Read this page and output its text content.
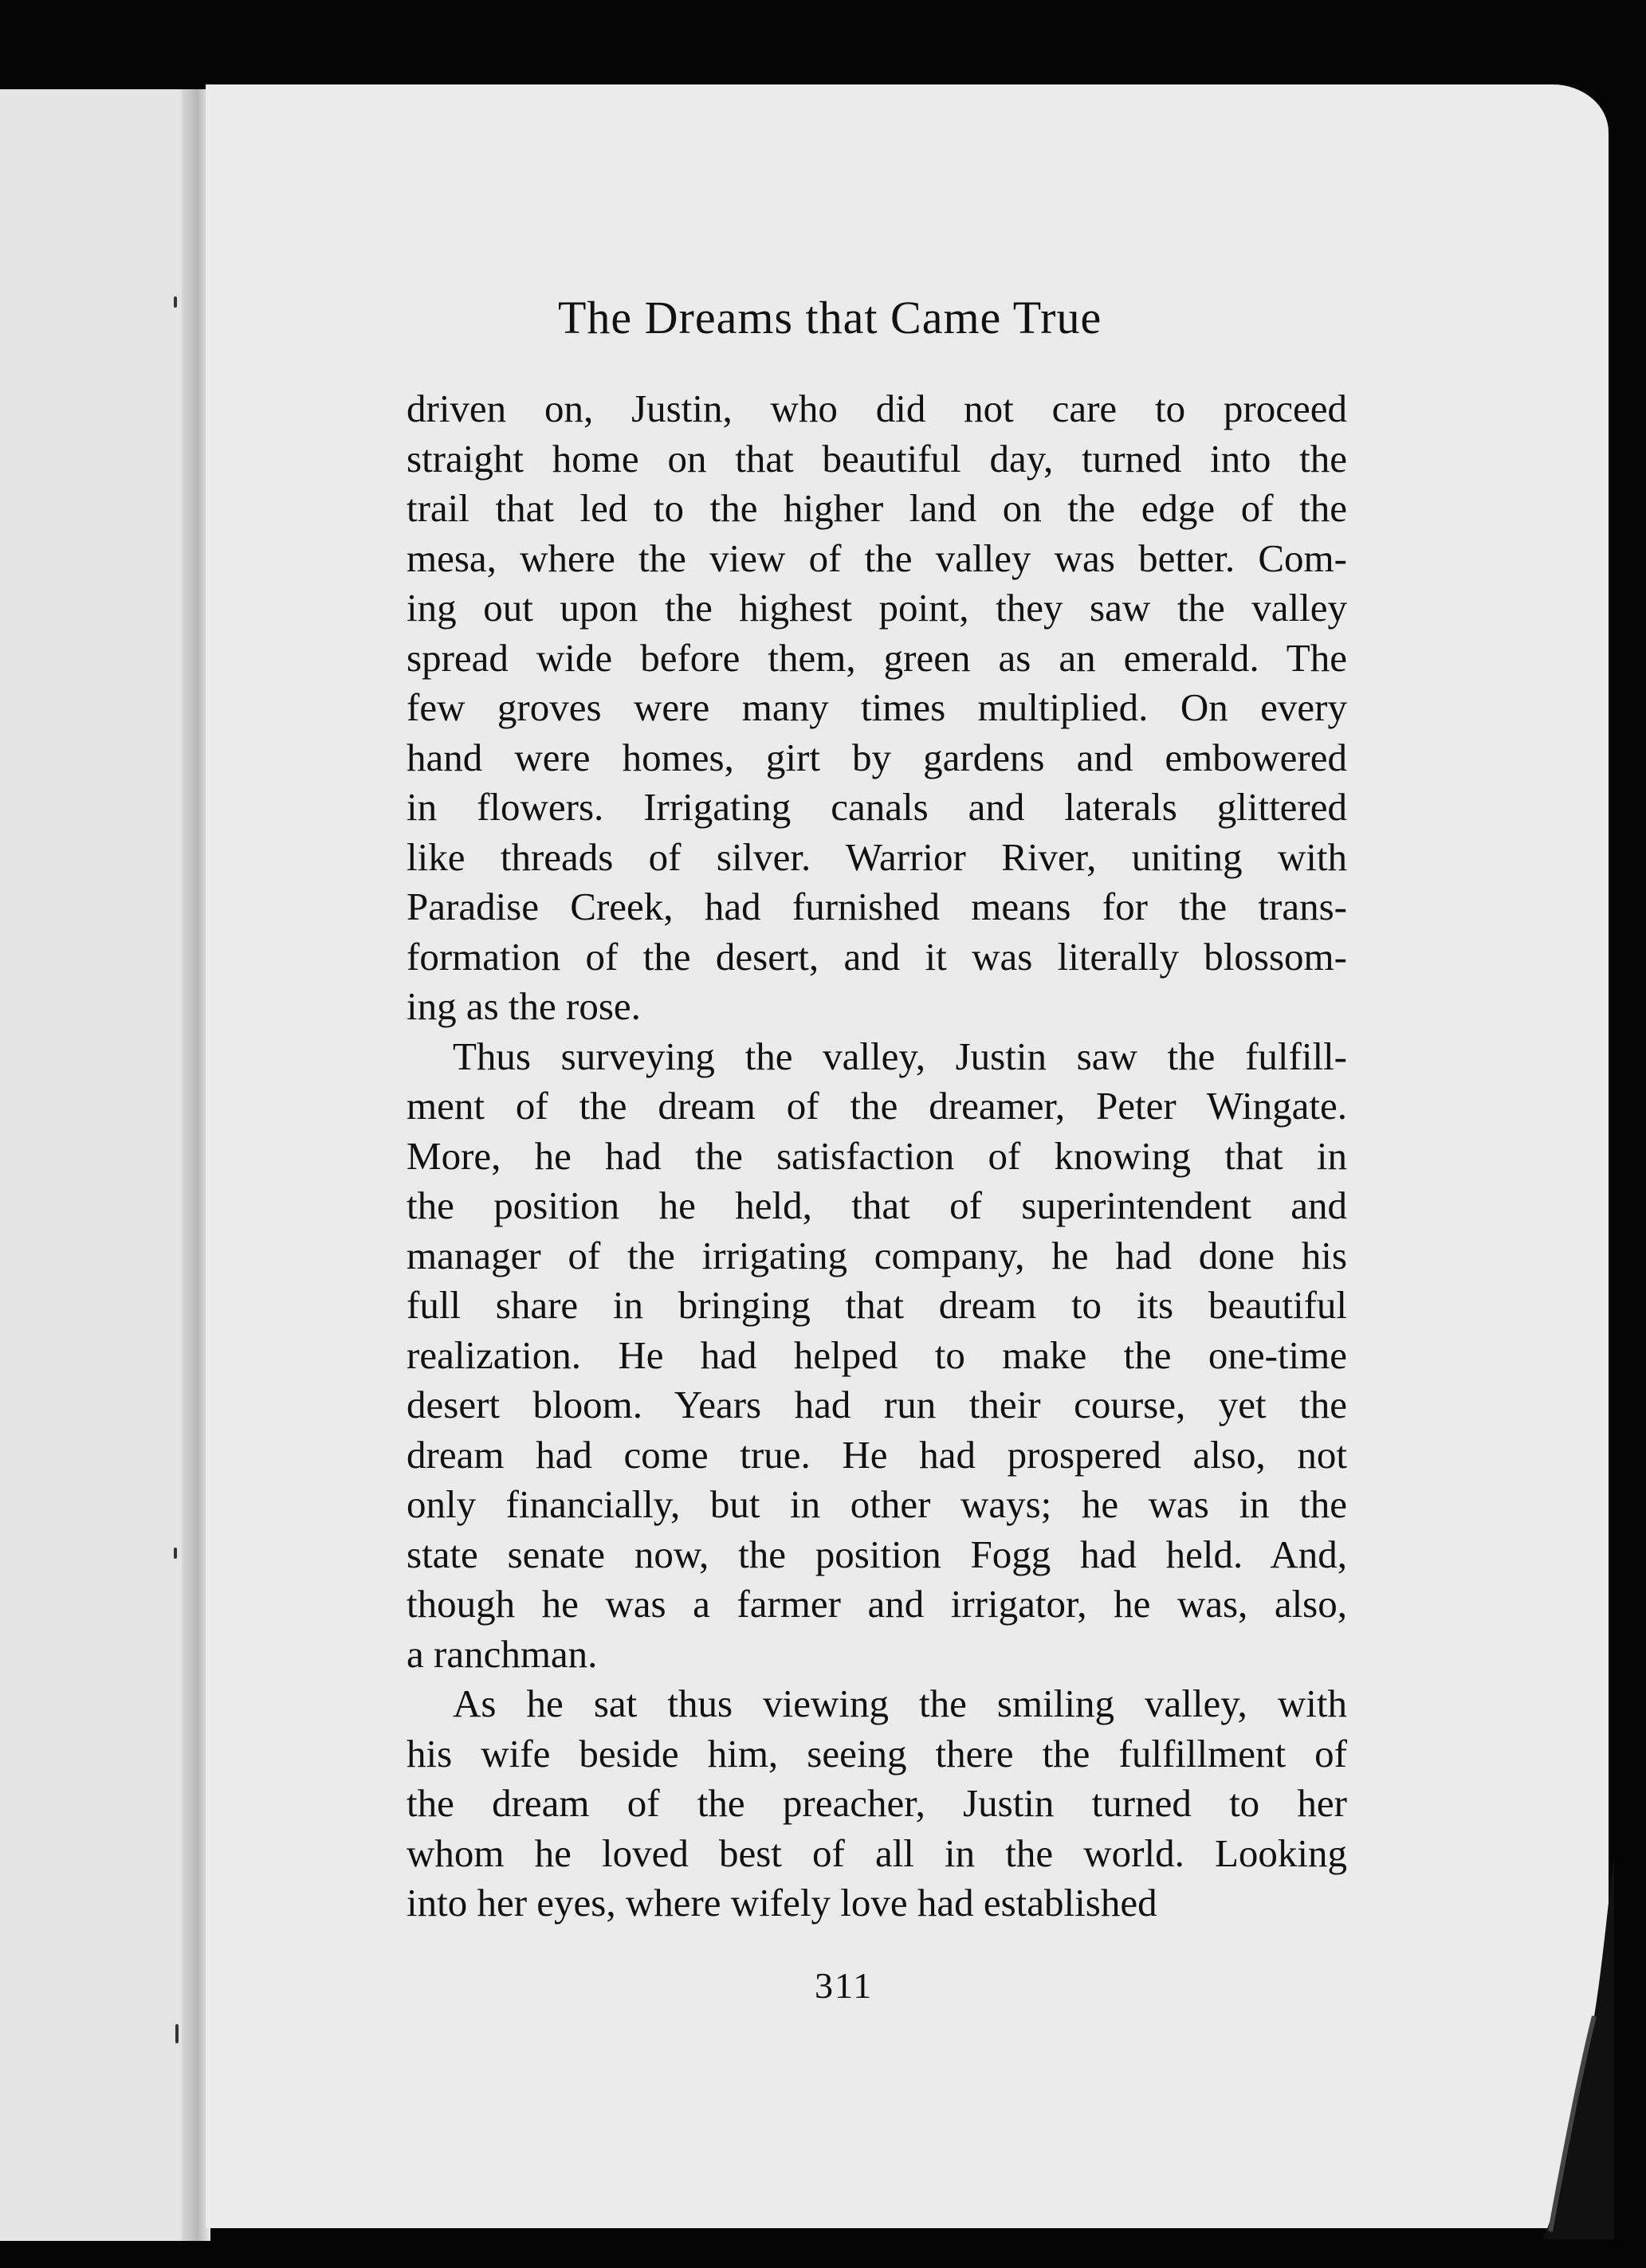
The Dreams that Came True
driven on, Justin, who did not care to proceed
straight home on that beautiful day, turned into the
trail that led to the higher land on the edge of the
mesa, where the view of the valley was better. Com-
ing out upon the highest point, they saw the valley
spread wide before them, green as an emerald. The
few groves were many times multiplied. On every
hand were homes, girt by gardens and embowered
in flowers. Irrigating canals and laterals glittered
like threads of silver. Warrior River, uniting with
Paradise Creek, had furnished means for the trans-
formation of the desert, and it was literally blossom-
ing as the rose.
Thus surveying the valley, Justin saw the fulfill-
ment of the dream of the dreamer, Peter Wingate.
More, he had the satisfaction of knowing that in
the position he held, that of superintendent and
manager of the irrigating company, he had done his
full share in bringing that dream to its beautiful
realization. He had helped to make the one-time
desert bloom. Years had run their course, yet the
dream had come true. He had prospered also, not
only financially, but in other ways; he was in the
state senate now, the position Fogg had held. And,
though he was a farmer and irrigator, he was, also,
a ranchman.
As he sat thus viewing the smiling valley, with
his wife beside him, seeing there the fulfillment of
the dream of the preacher, Justin turned to her
whom he loved best of all in the world. Looking
into her eyes, where wifely love had established
311
